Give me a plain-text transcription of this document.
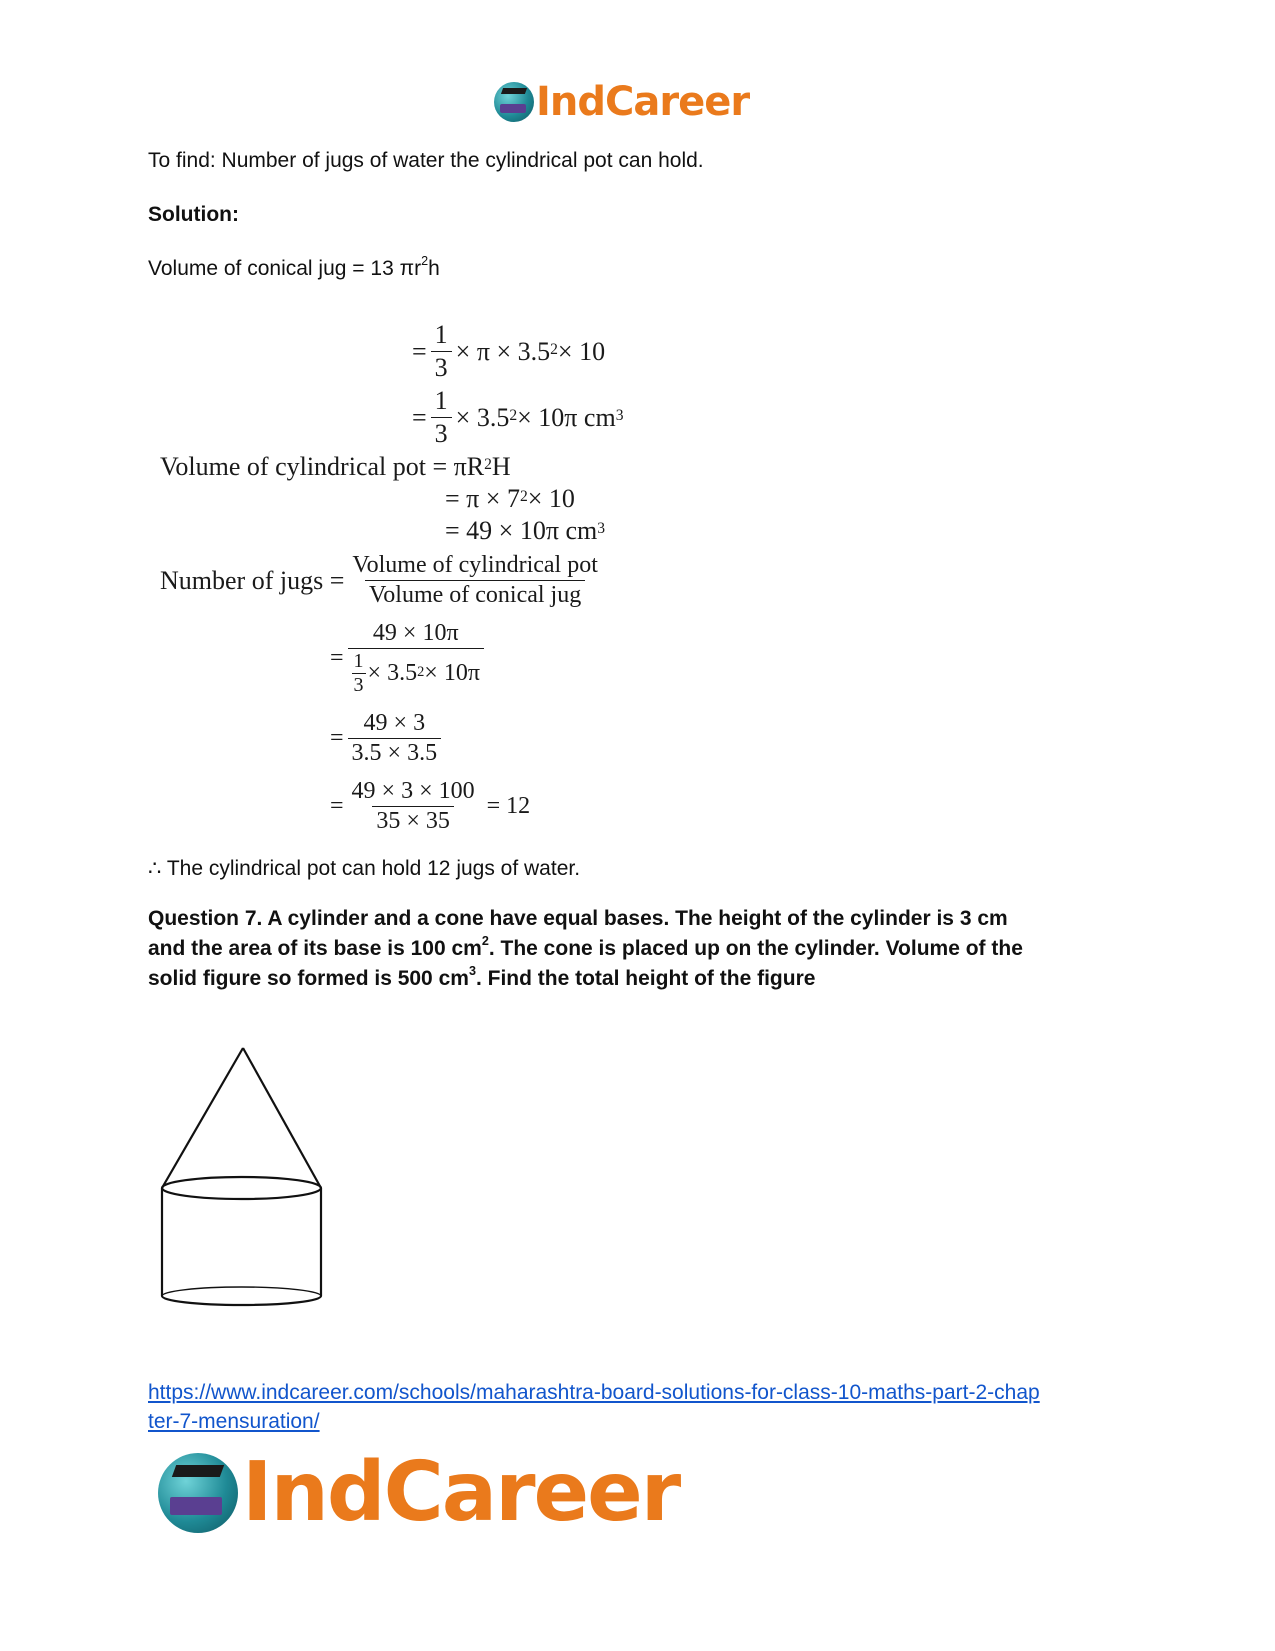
IndCareer
To find: Number of jugs of water the cylindrical pot can hold.
Solution:
Volume of conical jug = 13 $\pi r^2h$
= $\frac{1}{3} \times \pi \times 3.5^2 \times 10$
= $\frac{1}{3} \times 3.5^2 \times 10\pi$ $cm^3$
Volume of cylindrical pot = $\pi R^2$ H
= $\pi \times 7^2 \times 10$
= 49 × 10π $cm^3$
Number of jugs = $\frac{\text{Volume of cylindrical pot}}{\text{Volume of conical jug}}$
= $\frac{49 \times 10\pi}{\frac{1}{3} \times 3.5^2 \times 10\pi}$
= $\frac{49 \times 3}{3.5 \times 3.5}$
= $\frac{49 \times 3 \times 100}{35 \times 35} = 12$
∴ The cylindrical pot can hold 12 jugs of water.
Question 7. A cylinder and a cone have equal bases. The height of the cylinder is 3 cm
and the area of its base is 100 $cm^2$. The cone is placed up on the cylinder. Volume of the
solid figure so formed is 500 $cm^3$. Find the total height of the figure
https://www.indcareer.com/schools/maharashtra-board-solutions-for-class-10-maths-part-2-chap
ter-7-mensuration/
IndCareer
